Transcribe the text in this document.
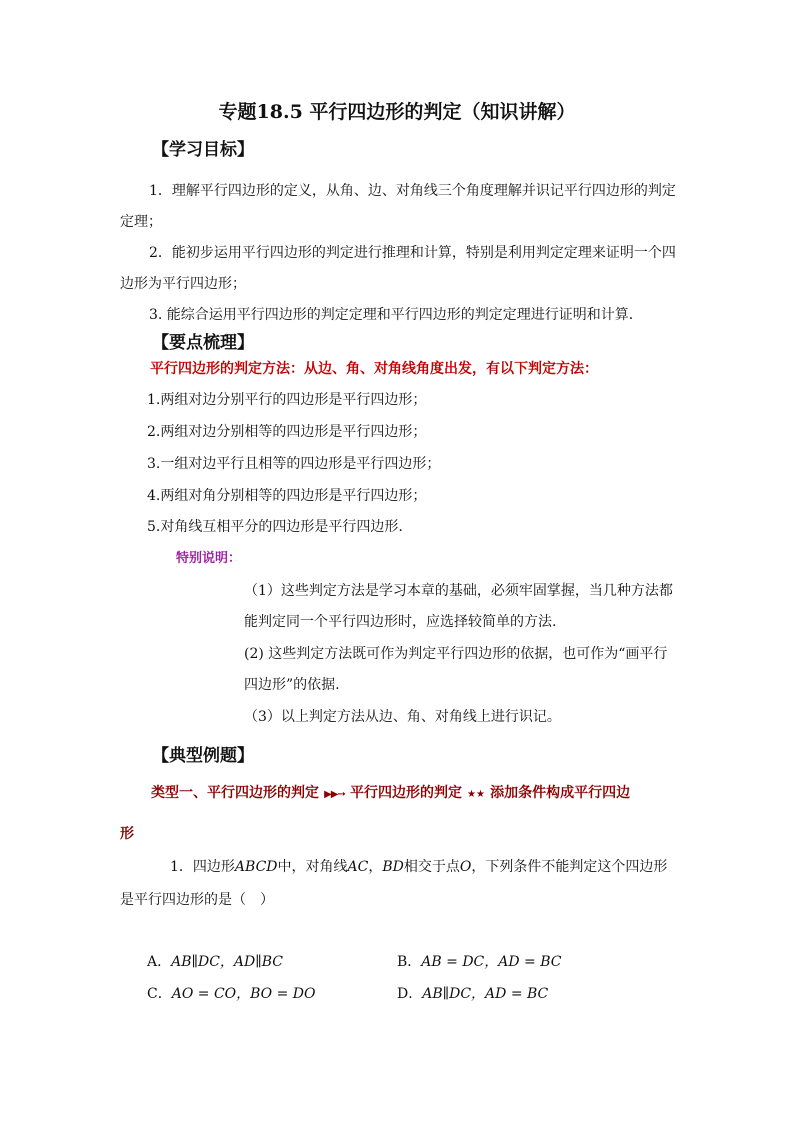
专题18.5 平行四边形的判定（知识讲解）
【学习目标】
1．理解平行四边形的定义，从角、边、对角线三个角度理解并识记平行四边形的判定
定理；
2．能初步运用平行四边形的判定进行推理和计算，特别是利用判定定理来证明一个四
边形为平行四边形；
3. 能综合运用平行四边形的判定定理和平行四边形的判定定理进行证明和计算．
【要点梳理】
平行四边形的判定方法：从边、角、对角线角度出发，有以下判定方法：
1.两组对边分别平行的四边形是平行四边形；
2.两组对边分别相等的四边形是平行四边形；
3.一组对边平行且相等的四边形是平行四边形；
4.两组对角分别相等的四边形是平行四边形；
5.对角线互相平分的四边形是平行四边形.
特别说明：
（1）这些判定方法是学习本章的基础，必须牢固掌握，当几种方法都
能判定同一个平行四边形时，应选择较简单的方法.
(2) 这些判定方法既可作为判定平行四边形的依据，也可作为“画平行
四边形”的依据.
（3）以上判定方法从边、角、对角线上进行识记。
【典型例题】
类型一、平行四边形的判定 ▶▶➙ 平行四边形的判定 ★★ 添加条件构成平行四边
形
1．四边形ABCD中，对角线AC，BD相交于点O，下列条件不能判定这个四边形
是平行四边形的是（　）
A．AB∥DC，AD∥BC	B．AB = DC，AD = BC
C．AO = CO，BO = DO	D．AB∥DC，AD = BC
